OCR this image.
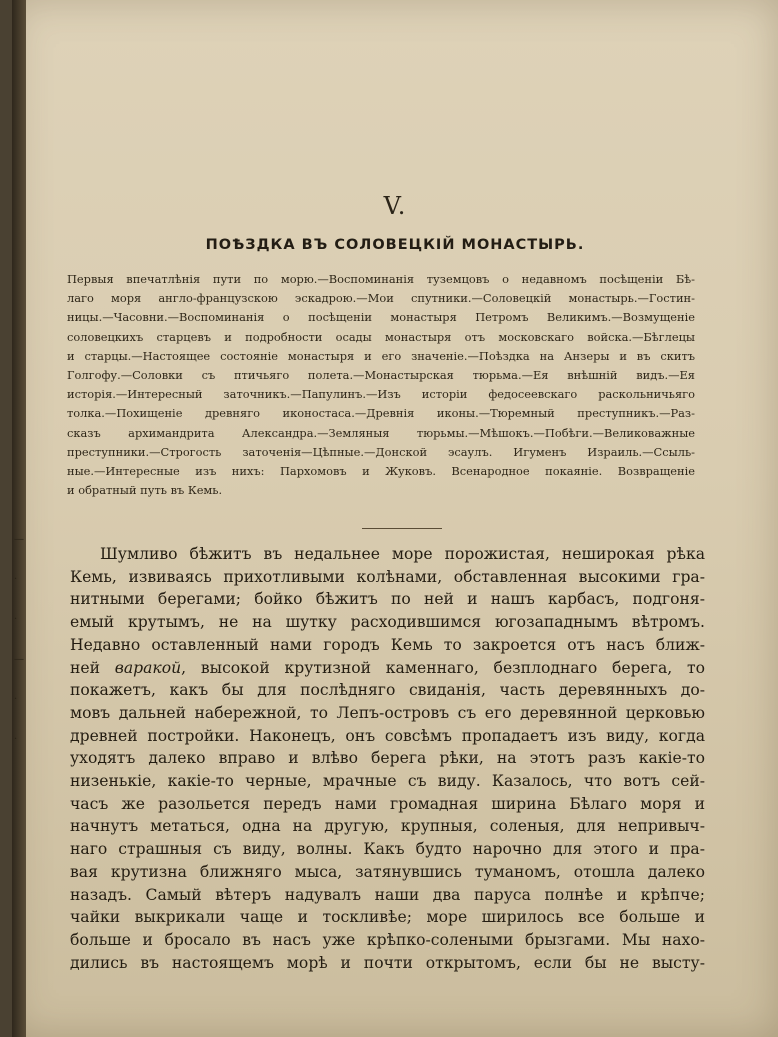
—
·
·
—
·
·
V.
ПОѢЗДКА ВЪ СОЛОВЕЦКІЙ МОНАСТЫРЬ.
Первыя впечатлѣнія пути по морю.—Воспоминанія туземцовъ о недавномъ посѣщеніи Бѣ-
лаго моря англо-французскою эскадрою.—Мои спутники.—Соловецкій монастырь.—Гостин-
ницы.—Часовни.—Воспоминанія о посѣщеніи монастыря Петромъ Великимъ.—Возмущеніе
соловецкихъ старцевъ и подробности осады монастыря отъ московскаго войска.—Бѣглецы
и старцы.—Настоящее состояніе монастыря и его значеніе.—Поѣздка на Анзеры и въ скитъ
Голгофу.—Соловки съ птичьяго полета.—Монастырская тюрьма.—Ея внѣшній видъ.—Ея
исторія.—Интересный заточникъ.—Папулинъ.—Изъ исторіи федосеевскаго раскольничьяго
толка.—Похищеніе древняго иконостаса.—Древнія иконы.—Тюремный преступникъ.—Раз-
сказъ архимандрита Александра.—Земляныя тюрьмы.—Мѣшокъ.—Побѣги.—Великоважные
преступники.—Строгость заточенія—Цѣпные.—Донской эсаулъ. Игуменъ Израиль.—Ссыль-
ные.—Интересные изъ нихъ: Пархомовъ и Жуковъ. Всенародное покаяніе. Возвращеніе
и обратный путь въ Кемь.
Шумливо бѣжитъ въ недальнее море порожистая, неширокая рѣка
Кемь, извиваясь прихотливыми колѣнами, обставленная высокими гра-
нитными берегами; бойко бѣжитъ по ней и нашъ карбасъ, подгоня-
емый крутымъ, не на шутку расходившимся югозападнымъ вѣтромъ.
Недавно оставленный нами городъ Кемь то закроется отъ насъ ближ-
ней варакой, высокой крутизной каменнаго, безплоднаго берега, то
покажетъ, какъ бы для послѣдняго свиданія, часть деревянныхъ до-
мовъ дальней набережной, то Лепъ-островъ съ его деревянной церковью
древней постройки. Наконецъ, онъ совсѣмъ пропадаетъ изъ виду, когда
уходятъ далеко вправо и влѣво берега рѣки, на этотъ разъ какіе-то
низенькіе, какіе-то черные, мрачные съ виду. Казалось, что вотъ сей-
часъ же разольется передъ нами громадная ширина Бѣлаго моря и
начнутъ метаться, одна на другую, крупныя, соленыя, для непривыч-
наго страшныя съ виду, волны. Какъ будто нарочно для этого и пра-
вая крутизна ближняго мыса, затянувшись туманомъ, отошла далеко
назадъ. Самый вѣтеръ надувалъ наши два паруса полнѣе и крѣпче;
чайки выкрикали чаще и тоскливѣе; море ширилось все больше и
больше и бросало въ насъ уже крѣпко-солеными брызгами. Мы нахо-
дились въ настоящемъ морѣ и почти открытомъ, если бы не высту-
